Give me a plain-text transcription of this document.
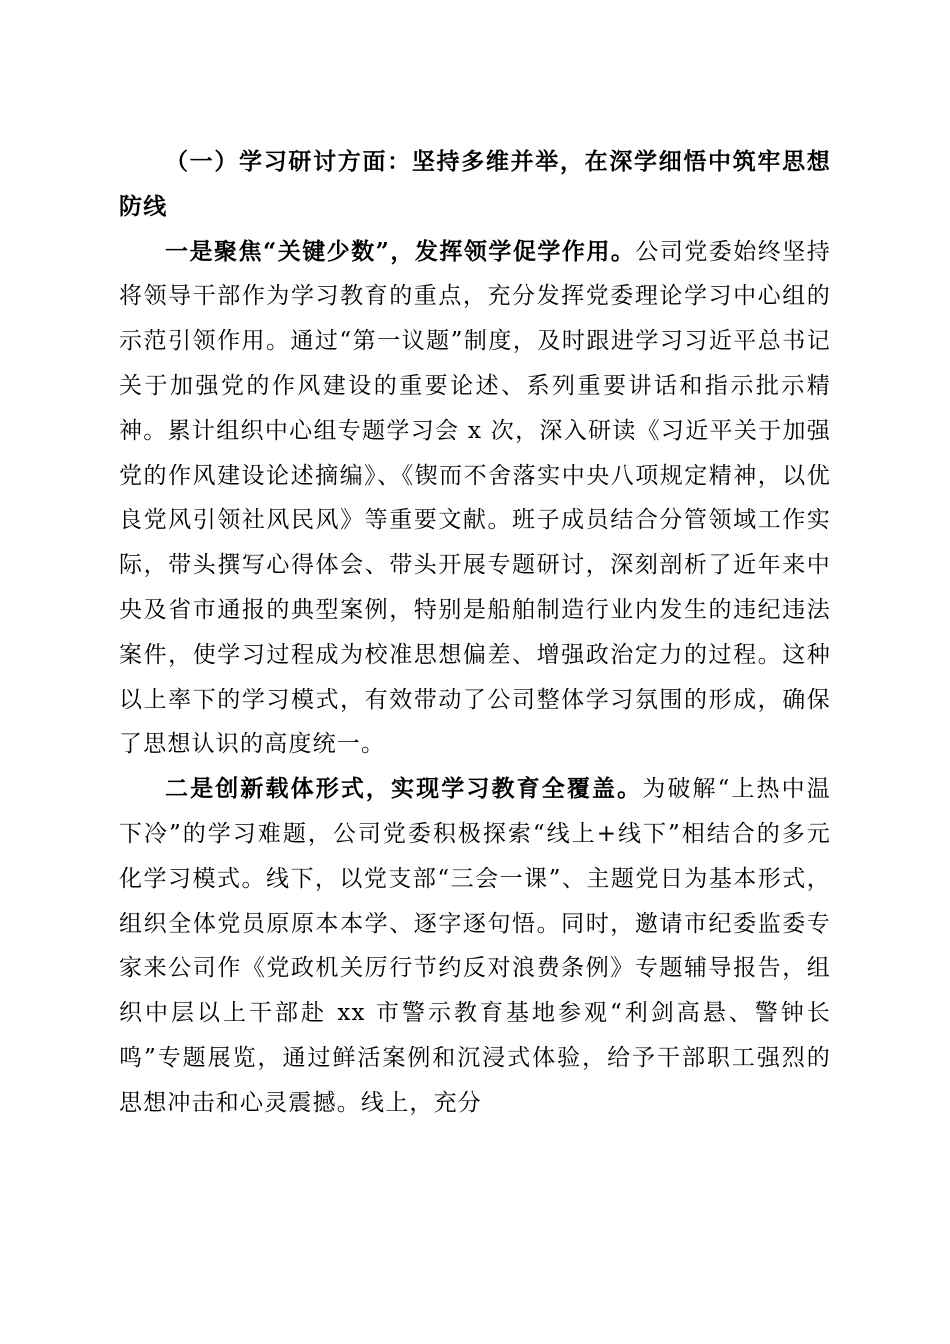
（一）学习研讨方面：坚持多维并举，在深学细悟中筑牢思想防线

一是聚焦“关键少数”，发挥领学促学作用。公司党委始终坚持将领导干部作为学习教育的重点，充分发挥党委理论学习中心组的示范引领作用。通过“第一议题”制度，及时跟进学习习近平总书记关于加强党的作风建设的重要论述、系列重要讲话和指示批示精神。累计组织中心组专题学习会 x 次，深入研读《习近平关于加强党的作风建设论述摘编》、《锲而不舍落实中央八项规定精神，以优良党风引领社风民风》等重要文献。班子成员结合分管领域工作实际，带头撰写心得体会、带头开展专题研讨，深刻剖析了近年来中央及省市通报的典型案例，特别是船舶制造行业内发生的违纪违法案件，使学习过程成为校准思想偏差、增强政治定力的过程。这种以上率下的学习模式，有效带动了公司整体学习氛围的形成，确保了思想认识的高度统一。

二是创新载体形式，实现学习教育全覆盖。为破解“上热中温下冷”的学习难题，公司党委积极探索“线上+线下”相结合的多元化学习模式。线下，以党支部“三会一课”、主题党日为基本形式，组织全体党员原原本本学、逐字逐句悟。同时，邀请市纪委监委专家来公司作《党政机关厉行节约反对浪费条例》专题辅导报告，组织中层以上干部赴 xx 市警示教育基地参观“利剑高悬、警钟长鸣”专题展览，通过鲜活案例和沉浸式体验，给予干部职工强烈的思想冲击和心灵震撼。线上，充分
